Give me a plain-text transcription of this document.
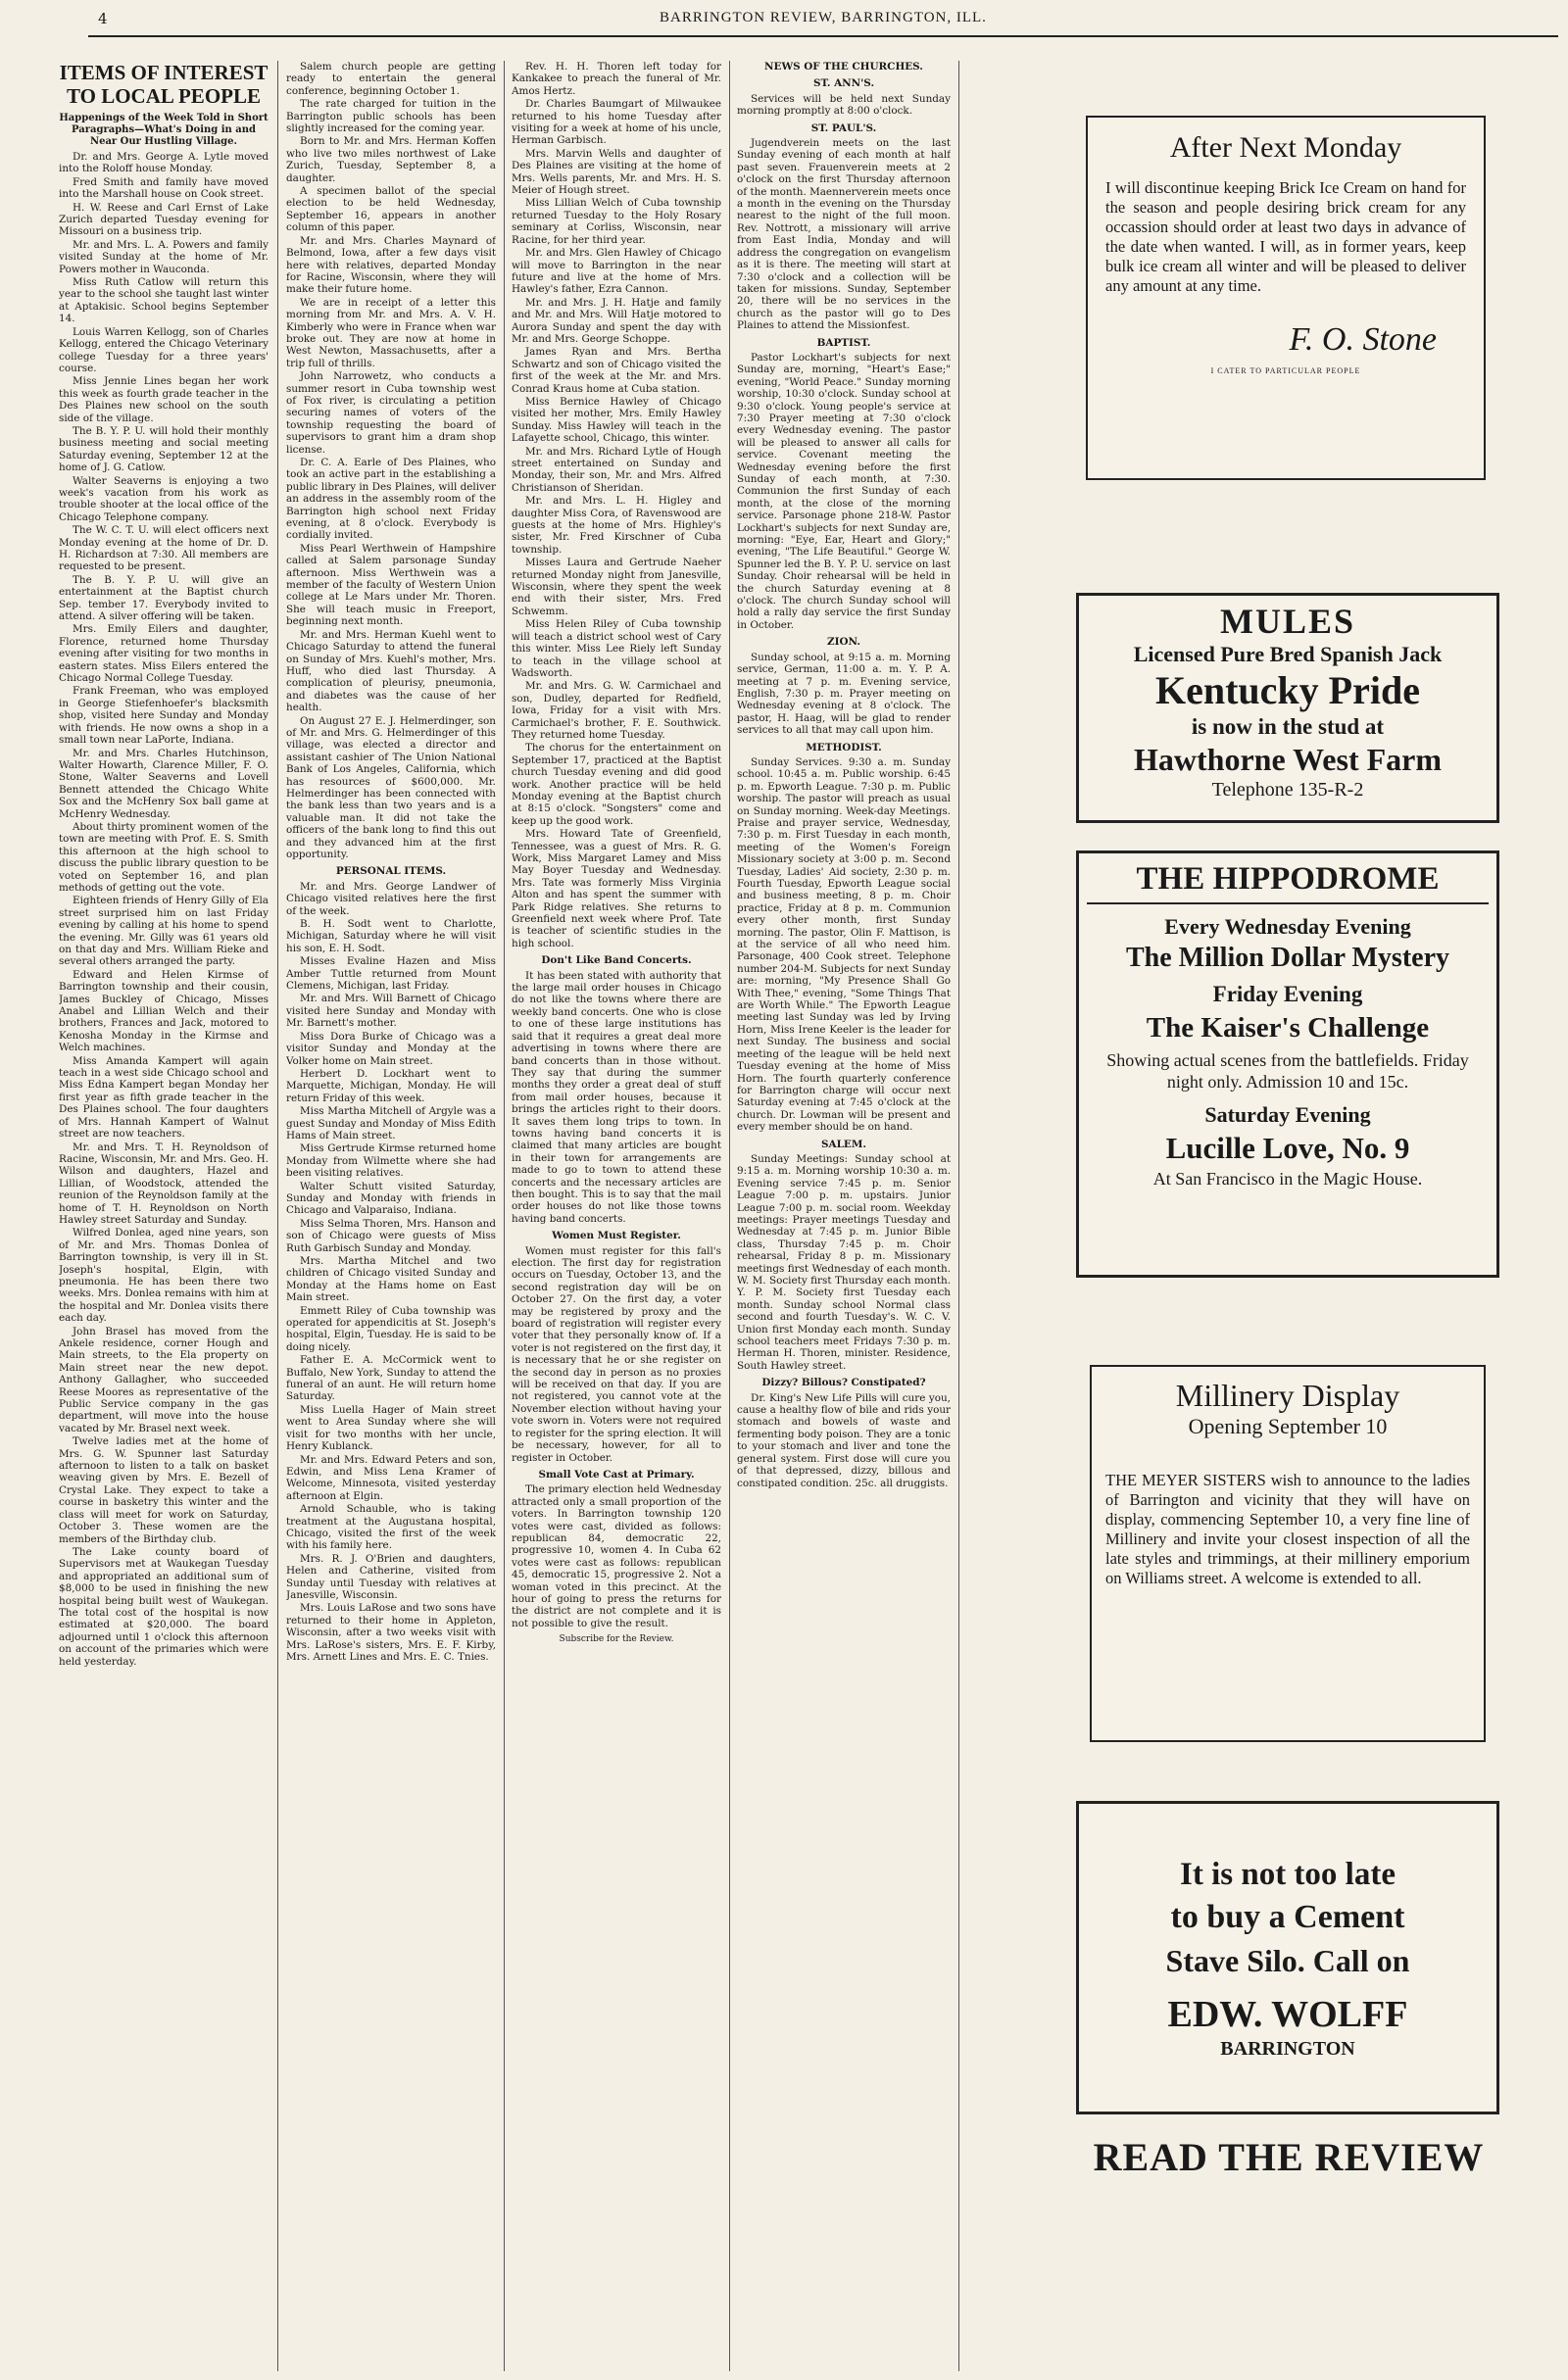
4	BARRINGTON REVIEW, BARRINGTON, ILL.
ITEMS OF INTEREST
TO LOCAL PEOPLE
Happenings of the Week Told in Short Paragraphs—What's Doing in and Near Our Hustling Village.

Dr. and Mrs. George A. Lytle moved into the Roloff house Monday.

Fred Smith and family have moved into the Marshall house on Cook street.

H. W. Reese and Carl Ernst of Lake Zurich departed Tuesday evening for Missouri on a business trip.

Mr. and Mrs. L. A. Powers and family visited Sunday at the home of Mr. Powers mother in Wauconda.

Miss Ruth Catlow will return this year to the school she taught last winter at Aptakisic. School begins September 14.

Louis Warren Kellogg, son of Charles Kellogg, entered the Chicago Veterinary college Tuesday for a three years' course.

Miss Jennie Lines began her work this week as fourth grade teacher in the Des Plaines new school on the south side of the village.

The B. Y. P. U. will hold their monthly business meeting and social meeting Saturday evening, September 12 at the home of J. G. Catlow.

Walter Seaverns is enjoying a two week's vacation from his work as trouble shooter at the local office of the Chicago Telephone company.

The W. C. T. U. will elect officers next Monday evening at the home of Dr. D. H. Richardson at 7:30. All members are requested to be present.

The B. Y. P. U. will give an entertainment at the Baptist church Sep. tember 17. Everybody invited to attend. A silver offering will be taken.

Mrs. Emily Eilers and daughter, Florence, returned home Thursday evening after visiting for two months in eastern states. Miss Eilers entered the Chicago Normal College Tuesday.

Frank Freeman, who was employed in George Stiefenhoefer's blacksmith shop, visited here Sunday and Monday with friends. He now owns a shop in a small town near LaPorte, Indiana.

Mr. and Mrs. Charles Hutchinson, Walter Howarth, Clarence Miller, F. O. Stone, Walter Seaverns and Lovell Bennett attended the Chicago White Sox and the McHenry Sox ball game at McHenry Wednesday.

About thirty prominent women of the town are meeting with Prof. E. S. Smith this afternoon at the high school to discuss the public library question to be voted on September 16, and plan methods of getting out the vote.

Eighteen friends of Henry Gilly of Ela street surprised him on last Friday evening by calling at his home to spend the evening. Mr. Gilly was 61 years old on that day and Mrs. William Rieke and several others arranged the party.

Edward and Helen Kirmse of Barrington township and their cousin, James Buckley of Chicago, Misses Anabel and Lillian Welch and their brothers, Frances and Jack, motored to Kenosha Monday in the Kirmse and Welch machines.

Miss Amanda Kampert will again teach in a west side Chicago school and Miss Edna Kampert began Monday her first year as fifth grade teacher in the Des Plaines school. The four daughters of Mrs. Hannah Kampert of Walnut street are now teachers.

Mr. and Mrs. T. H. Reynoldson of Racine, Wisconsin, Mr. and Mrs. Geo. H. Wilson and daughters, Hazel and Lillian, of Woodstock, attended the reunion of the Reynoldson family at the home of T. H. Reynoldson on North Hawley street Saturday and Sunday.

Wilfred Donlea, aged nine years, son of Mr. and Mrs. Thomas Donlea of Barrington township, is very ill in St. Joseph's hospital, Elgin, with pneumonia. He has been there two weeks. Mrs. Donlea remains with him at the hospital and Mr. Donlea visits there each day.

John Brasel has moved from the Ankele residence, corner Hough and Main streets, to the Ela property on Main street near the new depot. Anthony Gallagher, who succeeded Reese Moores as representative of the Public Service company in the gas department, will move into the house vacated by Mr. Brasel next week.

Twelve ladies met at the home of Mrs. G. W. Spunner last Saturday afternoon to listen to a talk on basket weaving given by Mrs. E. Bezell of Crystal Lake. They expect to take a course in basketry this winter and the class will meet for work on Saturday, October 3. These women are the members of the Birthday club.

The Lake county board of Supervisors met at Waukegan Tuesday and appropriated an additional sum of $8,000 to be used in finishing the new hospital being built west of Waukegan. The total cost of the hospital is now estimated at $20,000. The board adjourned until 1 o'clock this afternoon on account of the primaries which were held yesterday.

Salem church people are getting ready to entertain the general conference, beginning October 1.

The rate charged for tuition in the Barrington public schools has been slightly increased for the coming year.

Born to Mr. and Mrs. Herman Koffen who live two miles northwest of Lake Zurich, Tuesday, September 8, a daughter.

A specimen ballot of the special election to be held Wednesday, September 16, appears in another column of this paper.

Mr. and Mrs. Charles Maynard of Belmond, Iowa, after a few days visit here with relatives, departed Monday for Racine, Wisconsin, where they will make their future home.

We are in receipt of a letter this morning from Mr. and Mrs. A. V. H. Kimberly who were in France when war broke out. They are now at home in West Newton, Massachusetts, after a trip full of thrills.

John Narrowetz, who conducts a summer resort in Cuba township west of Fox river, is circulating a petition securing names of voters of the township requesting the board of supervisors to grant him a dram shop license.

Dr. C. A. Earle of Des Plaines, who took an active part in the establishing a public library in Des Plaines, will deliver an address in the assembly room of the Barrington high school next Friday evening, at 8 o'clock. Everybody is cordially invited.

Miss Pearl Werthwein of Hampshire called at Salem parsonage Sunday afternoon. Miss Werthwein was a member of the faculty of Western Union college at Le Mars under Mr. Thoren. She will teach music in Freeport, beginning next month.

Mr. and Mrs. Herman Kuehl went to Chicago Saturday to attend the funeral on Sunday of Mrs. Kuehl's mother, Mrs. Huff, who died last Thursday. A complication of pleurisy, pneumonia, and diabetes was the cause of her health.

On August 27 E. J. Helmerdinger, son of Mr. and Mrs. G. Helmerdinger of this village, was elected a director and assistant cashier of The Union National Bank of Los Angeles, California, which has resources of $600,000. Mr. Helmerdinger has been connected with the bank less than two years and is a valuable man. It did not take the officers of the bank long to find this out and they advanced him at the first opportunity.

PERSONAL ITEMS.

Mr. and Mrs. George Landwer of Chicago visited relatives here the first of the week.

B. H. Sodt went to Charlotte, Michigan, Saturday where he will visit his son, E. H. Sodt.

Misses Evaline Hazen and Miss Amber Tuttle returned from Mount Clemens, Michigan, last Friday.

Mr. and Mrs. Will Barnett of Chicago visited here Sunday and Monday with Mr. Barnett's mother.

Miss Dora Burke of Chicago was a visitor Sunday and Monday at the Volker home on Main street.

Herbert D. Lockhart went to Marquette, Michigan, Monday. He will return Friday of this week.

Miss Martha Mitchell of Argyle was a guest Sunday and Monday of Miss Edith Hams of Main street.

Miss Gertrude Kirmse returned home Monday from Wilmette where she had been visiting relatives.

Walter Schutt visited Saturday, Sunday and Monday with friends in Chicago and Valparaiso, Indiana.

Miss Selma Thoren, Mrs. Hanson and son of Chicago were guests of Miss Ruth Garbisch Sunday and Monday.

Mrs. Martha Mitchel and two children of Chicago visited Sunday and Monday at the Hams home on East Main street.

Emmett Riley of Cuba township was operated for appendicitis at St. Joseph's hospital, Elgin, Tuesday. He is said to be doing nicely.

Father E. A. McCormick went to Buffalo, New York, Sunday to attend the funeral of an aunt. He will return home Saturday.

Miss Luella Hager of Main street went to Area Sunday where she will visit for two months with her uncle, Henry Kublanck.

Mr. and Mrs. Edward Peters and son, Edwin, and Miss Lena Kramer of Welcome, Minnesota, visited yesterday afternoon at Elgin.

Arnold Schauble, who is taking treatment at the Augustana hospital, Chicago, visited the first of the week with his family here.

Mrs. R. J. O'Brien and daughters, Helen and Catherine, visited from Sunday until Tuesday with relatives at Janesville, Wisconsin.

Mrs. Louis LaRose and two sons have returned to their home in Appleton, Wisconsin, after a two weeks visit with Mrs. LaRose's sisters, Mrs. E. F. Kirby, Mrs. Arnett Lines and Mrs. E. C. Tnies.

Rev. H. H. Thoren left today for Kankakee to preach the funeral of Mr. Amos Hertz.

Dr. Charles Baumgart of Milwaukee returned to his home Tuesday after visiting for a week at home of his uncle, Herman Garbisch.

Mrs. Marvin Wells and daughter of Des Plaines are visiting at the home of Mrs. Wells parents, Mr. and Mrs. H. S. Meier of Hough street.

Miss Lillian Welch of Cuba township returned Tuesday to the Holy Rosary seminary at Corliss, Wisconsin, near Racine, for her third year.

Mr. and Mrs. Glen Hawley of Chicago will move to Barrington in the near future and live at the home of Mrs. Hawley's father, Ezra Cannon.

Mr. and Mrs. J. H. Hatje and family and Mr. and Mrs. Will Hatje motored to Aurora Sunday and spent the day with Mr. and Mrs. George Schoppe.

James Ryan and Mrs. Bertha Schwartz and son of Chicago visited the first of the week at the Mr. and Mrs. Conrad Kraus home at Cuba station.

Miss Bernice Hawley of Chicago visited her mother, Mrs. Emily Hawley Sunday. Miss Hawley will teach in the Lafayette school, Chicago, this winter.

Mr. and Mrs. Richard Lytle of Hough street entertained on Sunday and Monday, their son, Mr. and Mrs. Alfred Christianson of Sheridan.

Mr. and Mrs. L. H. Higley and daughter Miss Cora, of Ravenswood are guests at the home of Mrs. Highley's sister, Mr. Fred Kirschner of Cuba township.

Misses Laura and Gertrude Naeher returned Monday night from Janesville, Wisconsin, where they spent the week end with their sister, Mrs. Fred Schwemm.

Miss Helen Riley of Cuba township will teach a district school west of Cary this winter. Miss Lee Riely left Sunday to teach in the village school at Wadsworth.

Mr. and Mrs. G. W. Carmichael and son, Dudley, departed for Redfield, Iowa, Friday for a visit with Mrs. Carmichael's brother, F. E. Southwick. They returned home Tuesday.

The chorus for the entertainment on September 17, practiced at the Baptist church Tuesday evening and did good work. Another practice will be held Monday evening at the Baptist church at 8:15 o'clock. "Songsters" come and keep up the good work.

Mrs. Howard Tate of Greenfield, Tennessee, was a guest of Mrs. R. G. Work, Miss Margaret Lamey and Miss May Boyer Tuesday and Wednesday. Mrs. Tate was formerly Miss Virginia Alton and has spent the summer with Park Ridge relatives. She returns to Greenfield next week where Prof. Tate is teacher of scientific studies in the high school.

Don't Like Band Concerts.

It has been stated with authority that the large mail order houses in Chicago do not like the towns where there are weekly band concerts. One who is close to one of these large institutions has said that it requires a great deal more advertising in towns where there are band concerts than in those without. They say that during the summer months they order a great deal of stuff from mail order houses, because it brings the articles right to their doors. It saves them long trips to town. In towns having band concerts it is claimed that many articles are bought in their town for arrangements are made to go to town to attend these concerts and the necessary articles are then bought. This is to say that the mail order houses do not like those towns having band concerts.

Women Must Register.

Women must register for this fall's election. The first day for registration occurs on Tuesday, October 13, and the second registration day will be on October 27. On the first day, a voter may be registered by proxy and the board of registration will register every voter that they personally know of. If a voter is not registered on the first day, it is necessary that he or she register on the second day in person as no proxies will be received on that day. If you are not registered, you cannot vote at the November election without having your vote sworn in. Voters were not required to register for the spring election. It will be necessary, however, for all to register in October.

Small Vote Cast at Primary.

The primary election held Wednesday attracted only a small proportion of the voters. In Barrington township 120 votes were cast, divided as follows: republican 84, democratic 22, progressive 10, women 4. In Cuba 62 votes were cast as follows: republican 45, democratic 15, progressive 2. Not a woman voted in this precinct. At the hour of going to press the returns for the district are not complete and it is not possible to give the result.

Subscribe for the Review.
NEWS OF THE CHURCHES.
ST. ANN'S.

Services will be held next Sunday morning promptly at 8:00 o'clock.

ST. PAUL'S.

Jugendverein meets on the last Sunday evening of each month at half past seven. Frauenverein meets at 2 o'clock on the first Thursday afternoon of the month. Maennerverein meets once a month in the evening on the Thursday nearest to the night of the full moon. Rev. Nottrott, a missionary will arrive from East India, Monday and will address the congregation on evangelism as it is there. The meeting will start at 7:30 o'clock and a collection will be taken for missions. Sunday, September 20, there will be no services in the church as the pastor will go to Des Plaines to attend the Missionfest.

BAPTIST.

Pastor Lockhart's subjects for next Sunday are, morning, "Heart's Ease;" evening, "World Peace." Sunday morning worship, 10:30 o'clock. Sunday school at 9:30 o'clock. Young people's service at 7:30 Prayer meeting at 7:30 o'clock every Wednesday evening. The pastor will be pleased to answer all calls for service. Covenant meeting the Wednesday evening before the first Sunday of each month, at 7:30. Communion the first Sunday of each month, at the close of the morning service. Parsonage phone 218-W. Pastor Lockhart's subjects for next Sunday are, morning: "Eye, Ear, Heart and Glory;" evening, "The Life Beautiful." George W. Spunner led the B. Y. P. U. service on last Sunday. Choir rehearsal will be held in the church Saturday evening at 8 o'clock. The church Sunday school will hold a rally day service the first Sunday in October.

ZION.

Sunday school, at 9:15 a. m. Morning service, German, 11:00 a. m. Y. P. A. meeting at 7 p. m. Evening service, English, 7:30 p. m. Prayer meeting on Wednesday evening at 8 o'clock. The pastor, H. Haag, will be glad to render services to all that may call upon him.

METHODIST.

Sunday Services. 9:30 a. m. Sunday school. 10:45 a. m. Public worship. 6:45 p. m. Epworth League. 7:30 p. m. Public worship. The pastor will preach as usual on Sunday morning. Week-day Meetings. Praise and prayer service, Wednesday, 7:30 p. m. First Tuesday in each month, meeting of the Women's Foreign Missionary society at 3:00 p. m. Second Tuesday, Ladies' Aid society, 2:30 p. m. Fourth Tuesday, Epworth League social and business meeting, 8 p. m. Choir practice, Friday at 8 p. m. Communion every other month, first Sunday morning. The pastor, Olin F. Mattison, is at the service of all who need him. Parsonage, 400 Cook street. Telephone number 204-M. Subjects for next Sunday are: morning, "My Presence Shall Go With Thee," evening, "Some Things That are Worth While." The Epworth League meeting last Sunday was led by Irving Horn, Miss Irene Keeler is the leader for next Sunday. The business and social meeting of the league will be held next Tuesday evening at the home of Miss Horn. The fourth quarterly conference for Barrington charge will occur next Saturday evening at 7:45 o'clock at the church. Dr. Lowman will be present and every member should be on hand.

SALEM.

Sunday Meetings: Sunday school at 9:15 a. m. Morning worship 10:30 a. m. Evening service 7:45 p. m. Senior League 7:00 p. m. upstairs. Junior League 7:00 p. m. social room. Weekday meetings: Prayer meetings Tuesday and Wednesday at 7:45 p. m. Junior Bible class, Thursday 7:45 p. m. Choir rehearsal, Friday 8 p. m. Missionary meetings first Wednesday of each month. W. M. Society first Thursday each month. Y. P. M. Society first Tuesday each month. Sunday school Normal class second and fourth Tuesday's. W. C. V. Union first Monday each month. Sunday school teachers meet Fridays 7:30 p. m. Herman H. Thoren, minister. Residence, South Hawley street.

Dizzy? Billous? Constipated?

Dr. King's New Life Pills will cure you, cause a healthy flow of bile and rids your stomach and bowels of waste and fermenting body poison. They are a tonic to your stomach and liver and tone the general system. First dose will cure you of that depressed, dizzy, billous and constipated condition. 25c. all druggists.

After Next Monday
I will discontinue keeping Brick Ice Cream on hand for the season and people desiring brick cream for any occassion should order at least two days in advance of the date when wanted. I will, as in former years, keep bulk ice cream all winter and will be pleased to deliver any amount at any time.
F. O. Stone
I CATER TO PARTICULAR PEOPLE
MULES
Licensed Pure Bred Spanish Jack
Kentucky Pride
is now in the stud at
Hawthorne West Farm
Telephone 135-R-2
THE HIPPODROME
Every Wednesday Evening
The Million Dollar Mystery
Friday Evening
The Kaiser's Challenge
Showing actual scenes from the battlefields. Friday night only. Admission 10 and 15c.
Saturday Evening
Lucille Love, No. 9
At San Francisco in the Magic House.
Millinery Display
Opening September 10
THE MEYER SISTERS wish to announce to the ladies of Barrington and vicinity that they will have on display, commencing September 10, a very fine line of Millinery and invite your closest inspection of all the late styles and trimmings, at their millinery emporium on Williams street. A welcome is extended to all.
It is not too late
to buy a Cement
Stave Silo. Call on
EDW. WOLFF
BARRINGTON
READ THE REVIEW
